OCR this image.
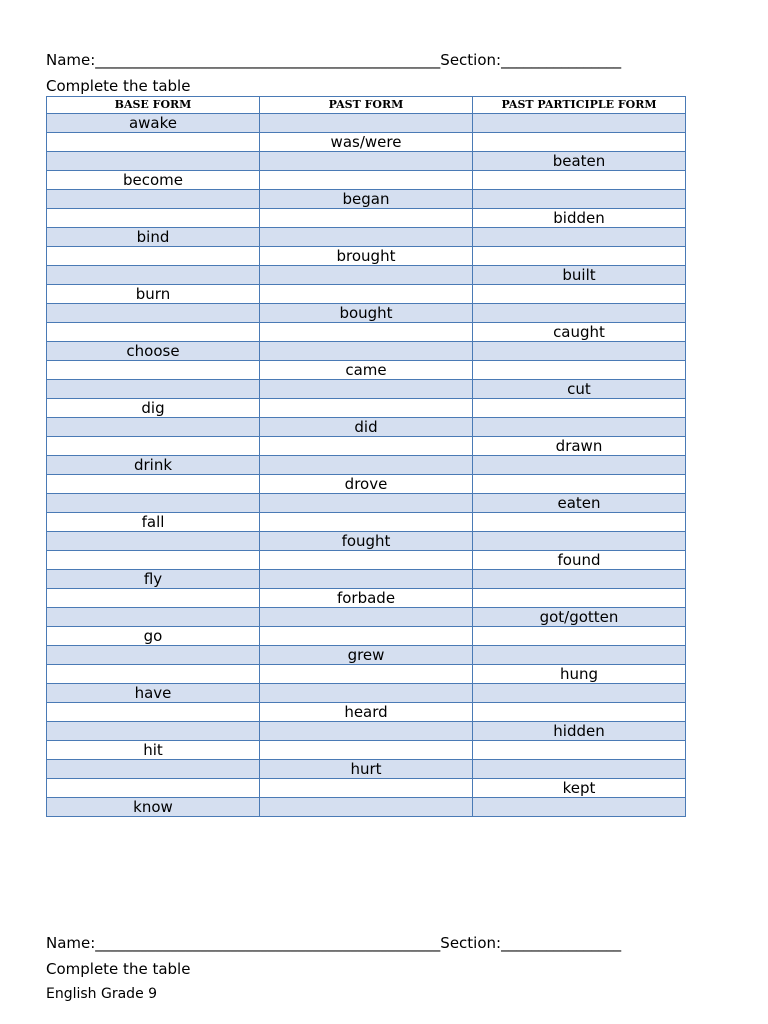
Name:______________________________________________Section:________________
Complete the table
BASE FORM	PAST FORM	PAST PARTICIPLE FORM
awake		
	was/were	
		beaten
become		
	began	
		bidden
bind		
	brought	
		built
burn		
	bought	
		caught
choose		
	came	
		cut
dig		
	did	
		drawn
drink		
	drove	
		eaten
fall		
	fought	
		found
fly		
	forbade	
		got/gotten
go		
	grew	
		hung
have		
	heard	
		hidden
hit		
	hurt	
		kept
know		
Name:______________________________________________Section:________________
Complete the table
English Grade 9
